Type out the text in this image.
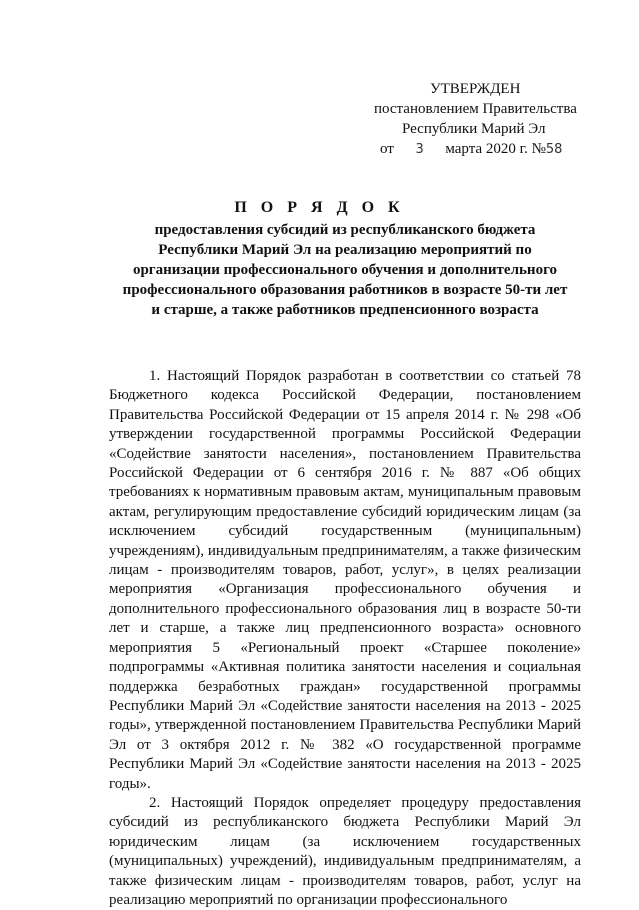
УТВЕРЖДЕН
постановлением Правительства
Республики Марий Эл
от 3 марта 2020 г. №58
П О Р Я Д О К
предоставления субсидий из республиканского бюджета Республики Марий Эл на реализацию мероприятий по организации профессионального обучения и дополнительного профессионального образования работников в возрасте 50-ти лет и старше, а также работников предпенсионного возраста

1. Настоящий Порядок разработан в соответствии со статьей 78 Бюджетного кодекса Российской Федерации, постановлением Правительства Российской Федерации от 15 апреля 2014 г. № 298 «Об утверждении государственной программы Российской Федерации «Содействие занятости населения», постановлением Правительства Российской Федерации от 6 сентября 2016 г. № 887 «Об общих требованиях к нормативным правовым актам, муниципальным правовым актам, регулирующим предоставление субсидий юридическим лицам (за исключением субсидий государственным (муниципальным) учреждениям), индивидуальным предпринимателям, а также физическим лицам - производителям товаров, работ, услуг», в целях реализации мероприятия «Организация профессионального обучения и дополнительного профессионального образования лиц в возрасте 50-ти лет и старше, а также лиц предпенсионного возраста» основного мероприятия 5 «Региональный проект «Старшее поколение» подпрограммы «Активная политика занятости населения и социальная поддержка безработных граждан» государственной программы Республики Марий Эл «Содействие занятости населения на 2013 - 2025 годы», утвержденной постановлением Правительства Республики Марий Эл от 3 октября 2012 г. № 382 «О государственной программе Республики Марий Эл «Содействие занятости населения на 2013 - 2025 годы».

2. Настоящий Порядок определяет процедуру предоставления субсидий из республиканского бюджета Республики Марий Эл юридическим лицам (за исключением государственных (муниципальных) учреждений), индивидуальным предпринимателям, а также физическим лицам - производителям товаров, работ, услуг на реализацию мероприятий по организации профессионального
